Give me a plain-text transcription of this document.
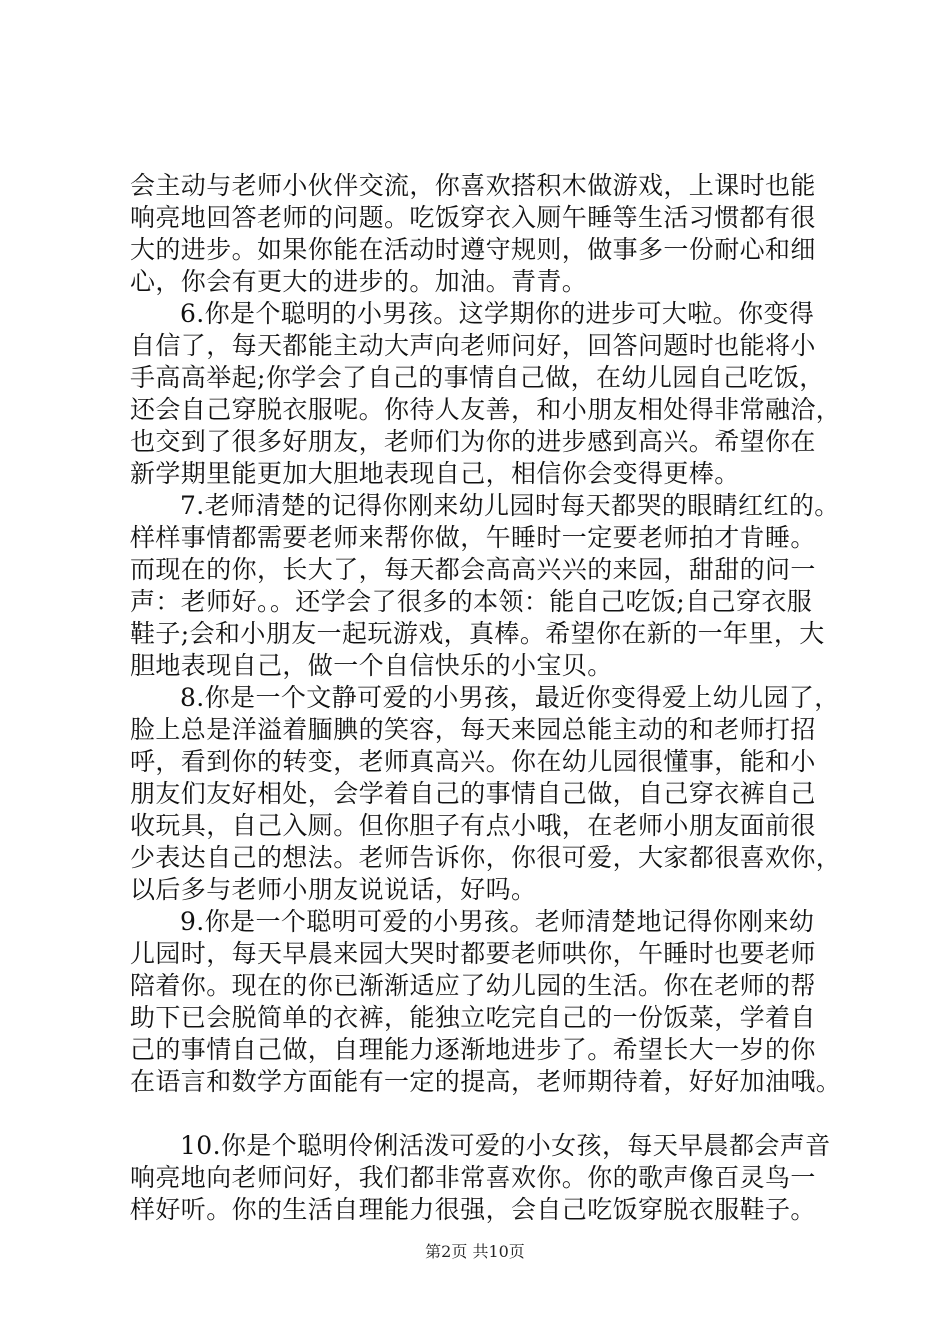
会主动与老师小伙伴交流，你喜欢搭积木做游戏，上课时也能
响亮地回答老师的问题。吃饭穿衣入厕午睡等生活习惯都有很
大的进步。如果你能在活动时遵守规则，做事多一份耐心和细
心，你会有更大的进步的。加油。青青。
6.你是个聪明的小男孩。这学期你的进步可大啦。你变得
自信了，每天都能主动大声向老师问好，回答问题时也能将小
手高高举起;你学会了自己的事情自己做，在幼儿园自己吃饭，
还会自己穿脱衣服呢。你待人友善，和小朋友相处得非常融洽，
也交到了很多好朋友，老师们为你的进步感到高兴。希望你在
新学期里能更加大胆地表现自己，相信你会变得更棒。
7.老师清楚的记得你刚来幼儿园时每天都哭的眼睛红红的。
样样事情都需要老师来帮你做，午睡时一定要老师拍才肯睡。
而现在的你，长大了，每天都会高高兴兴的来园，甜甜的问一
声：老师好。。还学会了很多的本领：能自己吃饭;自己穿衣服
鞋子;会和小朋友一起玩游戏，真棒。希望你在新的一年里，大
胆地表现自己，做一个自信快乐的小宝贝。
8.你是一个文静可爱的小男孩，最近你变得爱上幼儿园了，
脸上总是洋溢着腼腆的笑容，每天来园总能主动的和老师打招
呼，看到你的转变，老师真高兴。你在幼儿园很懂事，能和小
朋友们友好相处，会学着自己的事情自己做，自己穿衣裤自己
收玩具，自己入厕。但你胆子有点小哦，在老师小朋友面前很
少表达自己的想法。老师告诉你，你很可爱，大家都很喜欢你，
以后多与老师小朋友说说话，好吗。
9.你是一个聪明可爱的小男孩。老师清楚地记得你刚来幼
儿园时，每天早晨来园大哭时都要老师哄你，午睡时也要老师
陪着你。现在的你已渐渐适应了幼儿园的生活。你在老师的帮
助下已会脱简单的衣裤，能独立吃完自己的一份饭菜，学着自
己的事情自己做，自理能力逐渐地进步了。希望长大一岁的你
在语言和数学方面能有一定的提高，老师期待着，好好加油哦。
10.你是个聪明伶俐活泼可爱的小女孩，每天早晨都会声音
响亮地向老师问好，我们都非常喜欢你。你的歌声像百灵鸟一
样好听。你的生活自理能力很强，会自己吃饭穿脱衣服鞋子。
第2页 共10页
